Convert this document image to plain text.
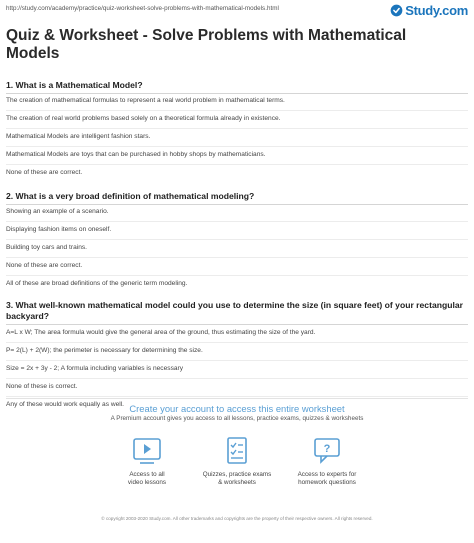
http://study.com/academy/practice/quiz-worksheet-solve-problems-with-mathematical-models.html	Study.com
Quiz & Worksheet - Solve Problems with Mathematical Models

1. What is a Mathematical Model?

The creation of mathematical formulas to represent a real world problem in mathematical terms.
The creation of real world problems based solely on a theoretical formula already in existence.
Mathematical Models are intelligent fashion stars.
Mathematical Models are toys that can be purchased in hobby shops by mathematicians.
None of these are correct.

2. What is a very broad definition of mathematical modeling?

Showing an example of a scenario.
Displaying fashion items on oneself.
Building toy cars and trains.
None of these are correct.
All of these are broad definitions of the generic term modeling.

3. What well-known mathematical model could you use to determine the size (in square feet) of your rectangular backyard?

A=L x W; The area formula would give the general area of the ground, thus estimating the size of the yard.
P= 2(L) + 2(W); the perimeter is necessary for determining the size.
Size = 2x + 3y - 2; A formula including variables is necessary
None of these is correct.
Any of these would work equally as well. Create your account to access this entire worksheet
A Premium account gives you access to all lessons, practice exams, quizzes & worksheets
Access to all
video lessons
Quizzes, practice exams
& worksheets
?
Access to experts for
homework questions
© copyright 2003-2020 Study.com. All other trademarks and copyrights are the property of their respective owners. All rights reserved.
